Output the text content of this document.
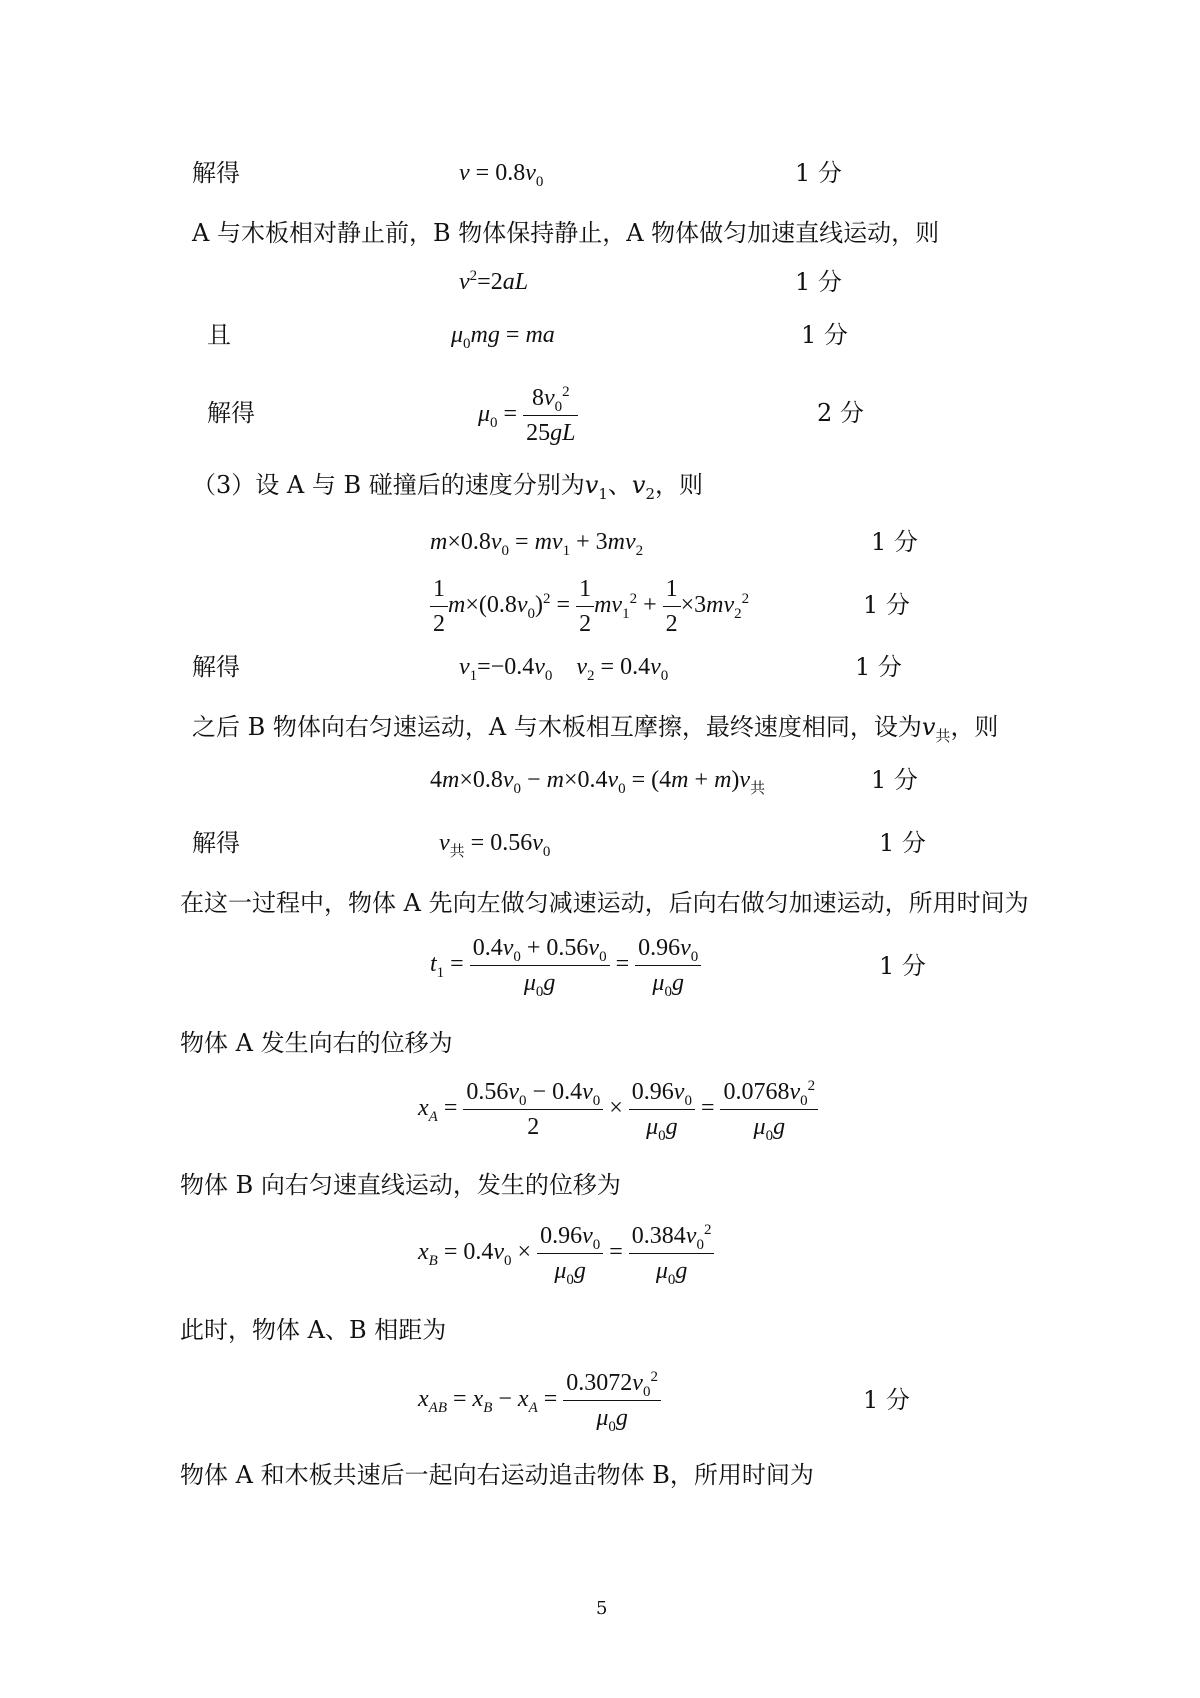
解得	$v = 0.8v_0$	1 分
A 与木板相对静止前，B 物体保持静止，A 物体做匀加速直线运动，则
$v^2=2aL$	1 分
且	$\mu_0mg$ = ma	1 分
解得	$\mu_0 = \frac{8v_0^2}{25gL}$	2 分
（3）设 A 与 B 碰撞后的速度分别为$v_1$、$v_2$，则
$m\times 0.8v_0 = mv_1 + 3mv_2$	1 分
$\frac{1}{2} m\times(0.8v_0)^2 = \frac{1}{2} mv_1^2 + \frac{1}{2} \times 3mv_2^2$	1 分
解得	$v_1=-0.4v_0$ $v_2 = 0.4v_0$	1 分
之后 B 物体向右匀速运动，A 与木板相互摩擦，最终速度相同，设为$v_共$，则
$4m\times 0.8v_0 - m\times 0.4v_0 = (4m + m)v_共$	1 分
解得	$v_共 = 0.56v_0$	1 分
在这一过程中，物体 A 先向左做匀减速运动，后向右做匀加速运动，所用时间为
$t_1 = \frac{0.4v_0 + 0.56v_0}{\mu_0g} = \frac{0.96v_0}{\mu_0g}$	1 分
物体 A 发生向右的位移为
$x_A = \frac{0.56v_0 - 0.4v_0}{2} \times \frac{0.96v_0}{\mu_0g} = \frac{0.0768v_0^2}{\mu_0g}$
物体 B 向右匀速直线运动，发生的位移为
$x_B = 0.4v_0 \times \frac{0.96v_0}{\mu_0g} = \frac{0.384v_0^2}{\mu_0g}$
此时，物体 A、B 相距为
$x_{AB} = x_B - x_A = \frac{0.3072v_0^2}{\mu_0g}$	1 分
物体 A 和木板共速后一起向右运动追击物体 B，所用时间为
5
